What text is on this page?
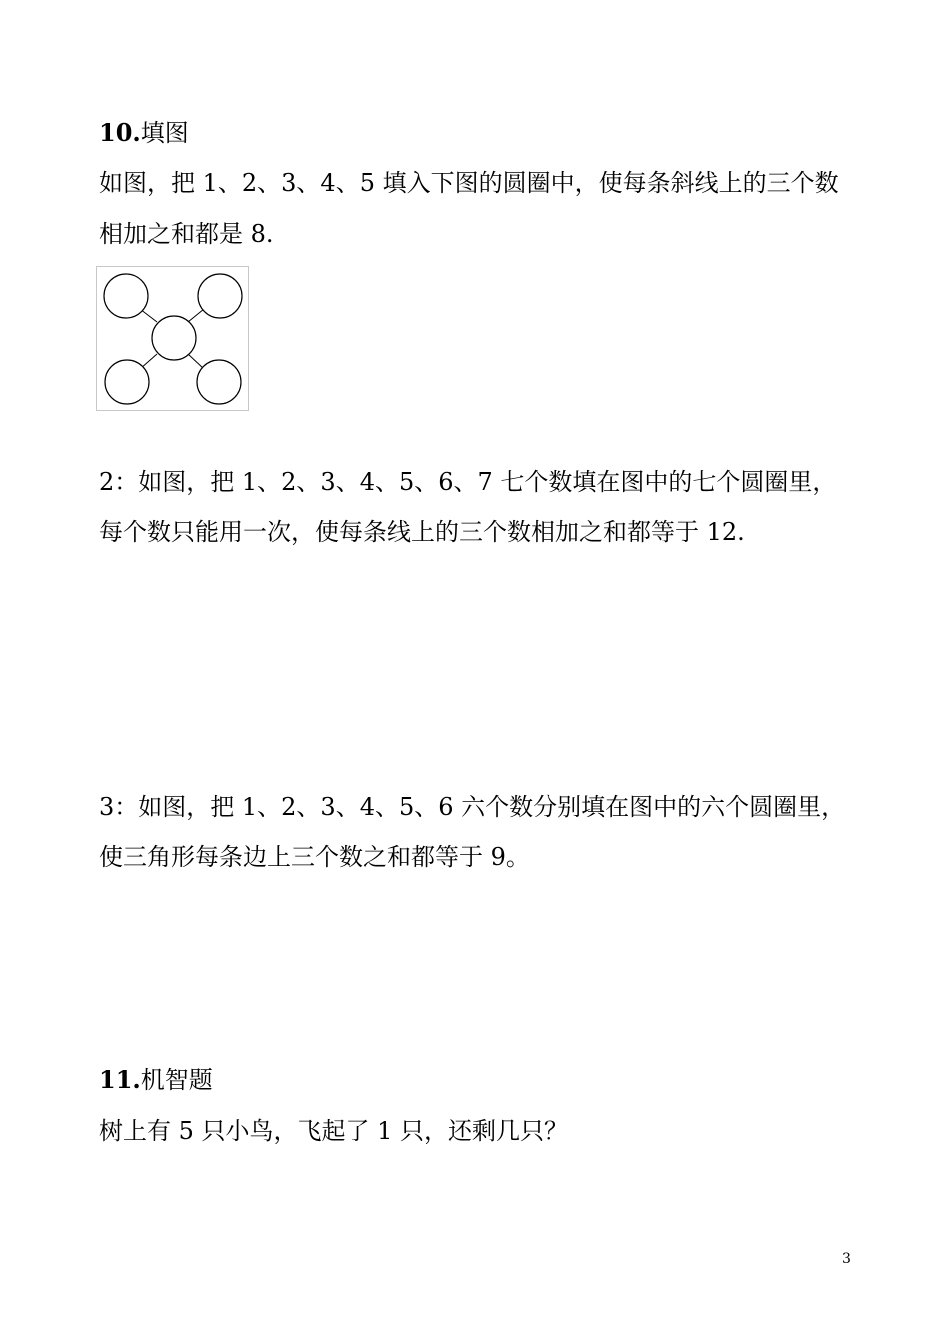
10.填图
如图，把 1、2、3、4、5 填入下图的圆圈中，使每条斜线上的三个数
相加之和都是 8.
2：如图，把 1、2、3、4、5、6、7 七个数填在图中的七个圆圈里，
每个数只能用一次，使每条线上的三个数相加之和都等于 12.
3：如图，把 1、2、3、4、5、6 六个数分别填在图中的六个圆圈里，
使三角形每条边上三个数之和都等于 9。
11.机智题
树上有 5 只小鸟，飞起了 1 只，还剩几只？
3
